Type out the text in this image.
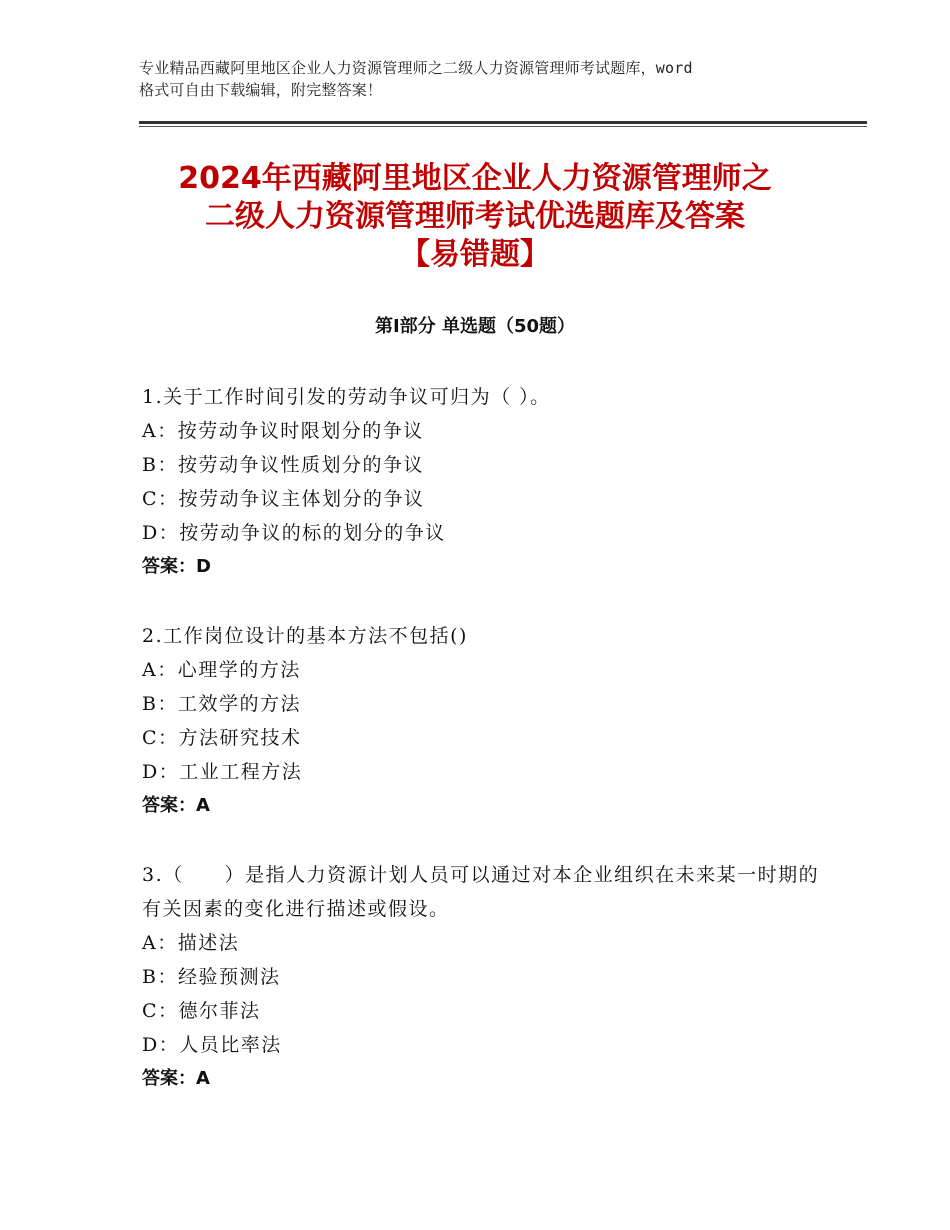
专业精品西藏阿里地区企业人力资源管理师之二级人力资源管理师考试题库，word
格式可自由下载编辑，附完整答案！
2024年西藏阿里地区企业人力资源管理师之
二级人力资源管理师考试优选题库及答案
【易错题】
第Ⅰ部分 单选题（50题）
1.关于工作时间引发的劳动争议可归为（ ）。
A：按劳动争议时限划分的争议
B：按劳动争议性质划分的争议
C：按劳动争议主体划分的争议
D：按劳动争议的标的划分的争议
答案：D
2.工作岗位设计的基本方法不包括()
A：心理学的方法
B：工效学的方法
C：方法研究技术
D：工业工程方法
答案：A
3.（　　）是指人力资源计划人员可以通过对本企业组织在未来某一时期的有关因素的变化进行描述或假设。
A：描述法
B：经验预测法
C：德尔菲法
D：人员比率法
答案：A
